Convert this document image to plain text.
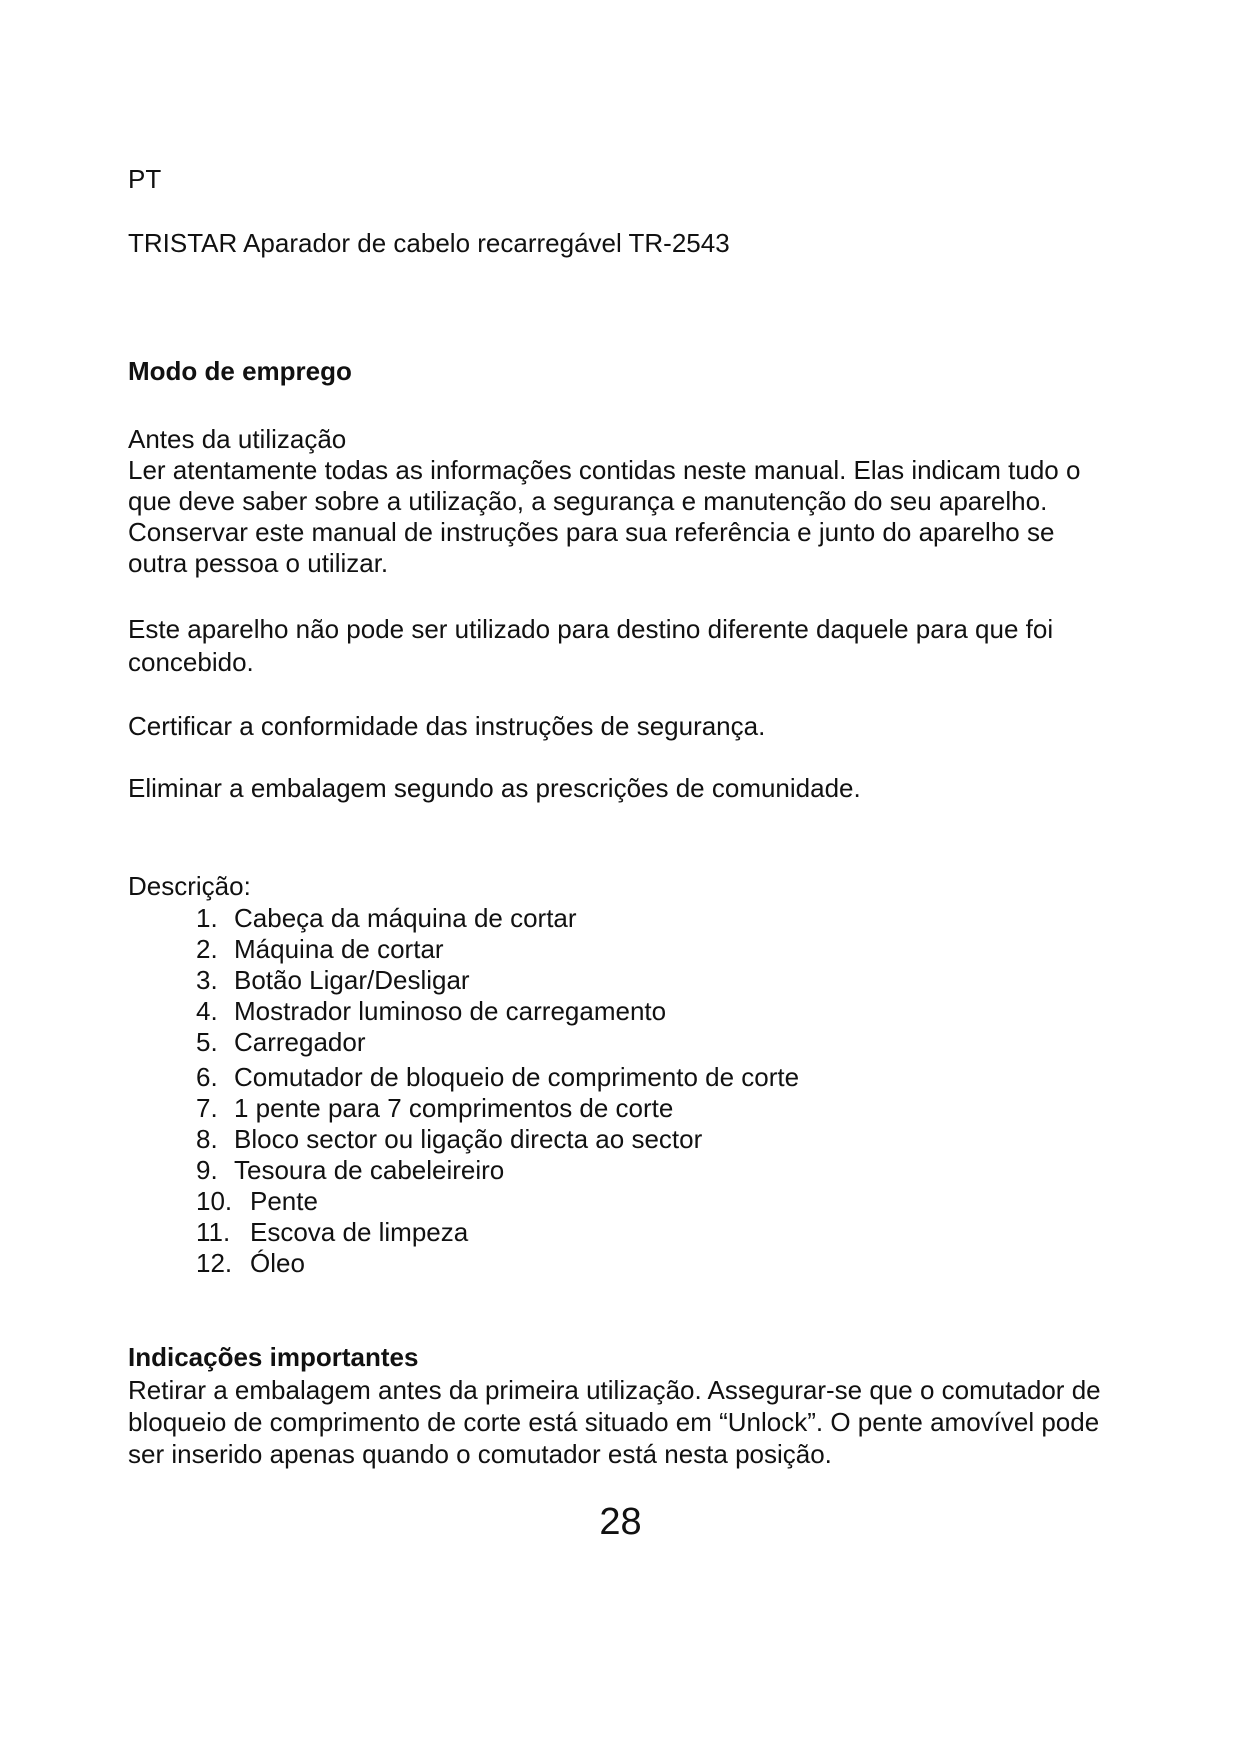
PT

TRISTAR Aparador de cabelo recarregável TR-2543

Modo de emprego

Antes da utilização
Ler atentamente todas as informações contidas neste manual. Elas indicam tudo o que deve saber sobre a utilização, a segurança e manutenção do seu aparelho. Conservar este manual de instruções para sua referência e junto do aparelho se outra pessoa o utilizar.

Este aparelho não pode ser utilizado para destino diferente daquele para que foi concebido.

Certificar a conformidade das instruções de segurança.

Eliminar a embalagem segundo as prescrições de comunidade.

Descrição:

1. Cabeça da máquina de cortar
2. Máquina de cortar
3. Botão Ligar/Desligar
4. Mostrador luminoso de carregamento
5. Carregador
6. Comutador de bloqueio de comprimento de corte
7. 1 pente para 7 comprimentos de corte
8. Bloco sector ou ligação directa ao sector
9. Tesoura de cabeleireiro
10. Pente
11. Escova de limpeza
12. Óleo

Indicações importantes

Retirar a embalagem antes da primeira utilização. Assegurar-se que o comutador de bloqueio de comprimento de corte está situado em “Unlock”. O pente amovível pode ser inserido apenas quando o comutador está nesta posição.

28
